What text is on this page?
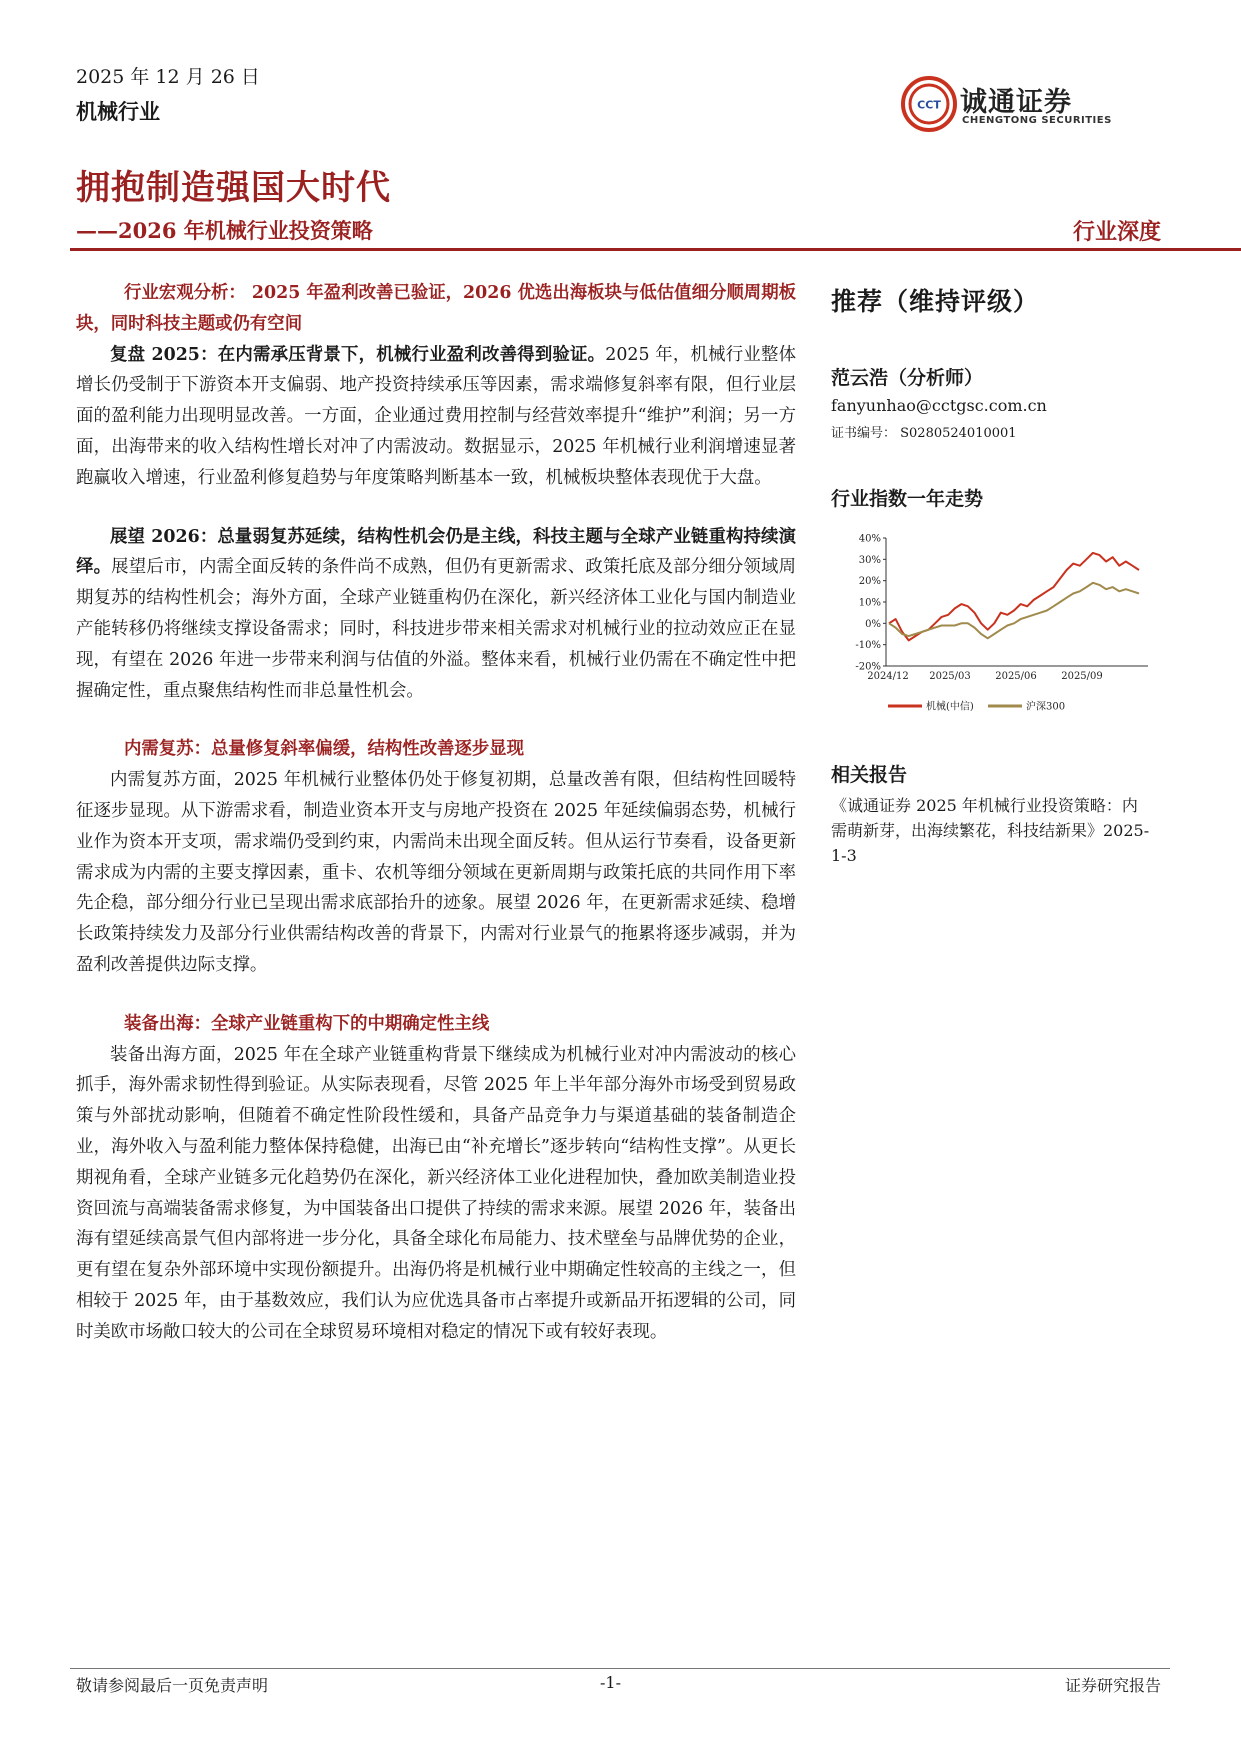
2025 年 12 月 26 日
机械行业	CCT 诚通证券
CHENGTONG SECURITIES
拥抱制造强国大时代
——2026 年机械行业投资策略	行业深度

行业宏观分析： 2025 年盈利改善已验证，2026 优选出海板块与低估值细分顺周期板块，同时科技主题或仍有空间

复盘 2025：在内需承压背景下，机械行业盈利改善得到验证。2025 年，机械行业整体增长仍受制于下游资本开支偏弱、地产投资持续承压等因素，需求端修复斜率有限，但行业层面的盈利能力出现明显改善。一方面，企业通过费用控制与经营效率提升“维护”利润；另一方面，出海带来的收入结构性增长对冲了内需波动。数据显示，2025 年机械行业利润增速显著跑赢收入增速，行业盈利修复趋势与年度策略判断基本一致，机械板块整体表现优于大盘。

展望 2026：总量弱复苏延续，结构性机会仍是主线，科技主题与全球产业链重构持续演绎。展望后市，内需全面反转的条件尚不成熟，但仍有更新需求、政策托底及部分细分领域周期复苏的结构性机会；海外方面，全球产业链重构仍在深化，新兴经济体工业化与国内制造业产能转移仍将继续支撑设备需求；同时，科技进步带来相关需求对机械行业的拉动效应正在显现，有望在 2026 年进一步带来利润与估值的外溢。整体来看，机械行业仍需在不确定性中把握确定性，重点聚焦结构性而非总量性机会。

内需复苏：总量修复斜率偏缓，结构性改善逐步显现

内需复苏方面，2025 年机械行业整体仍处于修复初期，总量改善有限，但结构性回暖特征逐步显现。从下游需求看，制造业资本开支与房地产投资在 2025 年延续偏弱态势，机械行业作为资本开支项，需求端仍受到约束，内需尚未出现全面反转。但从运行节奏看，设备更新需求成为内需的主要支撑因素，重卡、农机等细分领域在更新周期与政策托底的共同作用下率先企稳，部分细分行业已呈现出需求底部抬升的迹象。展望 2026 年，在更新需求延续、稳增长政策持续发力及部分行业供需结构改善的背景下，内需对行业景气的拖累将逐步减弱，并为盈利改善提供边际支撑。

装备出海：全球产业链重构下的中期确定性主线

装备出海方面，2025 年在全球产业链重构背景下继续成为机械行业对冲内需波动的核心抓手，海外需求韧性得到验证。从实际表现看，尽管 2025 年上半年部分海外市场受到贸易政策与外部扰动影响，但随着不确定性阶段性缓和，具备产品竞争力与渠道基础的装备制造企业，海外收入与盈利能力整体保持稳健，出海已由“补充增长”逐步转向“结构性支撑”。从更长期视角看，全球产业链多元化趋势仍在深化，新兴经济体工业化进程加快，叠加欧美制造业投资回流与高端装备需求修复，为中国装备出口提供了持续的需求来源。展望 2026 年，装备出海有望延续高景气但内部将进一步分化，具备全球化布局能力、技术壁垒与品牌优势的企业，更有望在复杂外部环境中实现份额提升。出海仍将是机械行业中期确定性较高的主线之一，但相较于 2025 年，由于基数效应，我们认为应优选具备市占率提升或新品开拓逻辑的公司，同时美欧市场敞口较大的公司在全球贸易环境相对稳定的情况下或有较好表现。

推荐（维持评级）
范云浩（分析师）
fanyunhao@cctgsc.com.cn
证书编号： S0280524010001
行业指数一年走势
40%
30%
20%
10%
0%
-10%
-20%
2024/12 2025/03 2025/06 2025/09
机械(中信)	沪深300
相关报告
《诚通证券 2025 年机械行业投资策略：内需萌新芽，出海续繁花，科技结新果》2025-1-3
敬请参阅最后一页免责声明	-1-	证券研究报告
